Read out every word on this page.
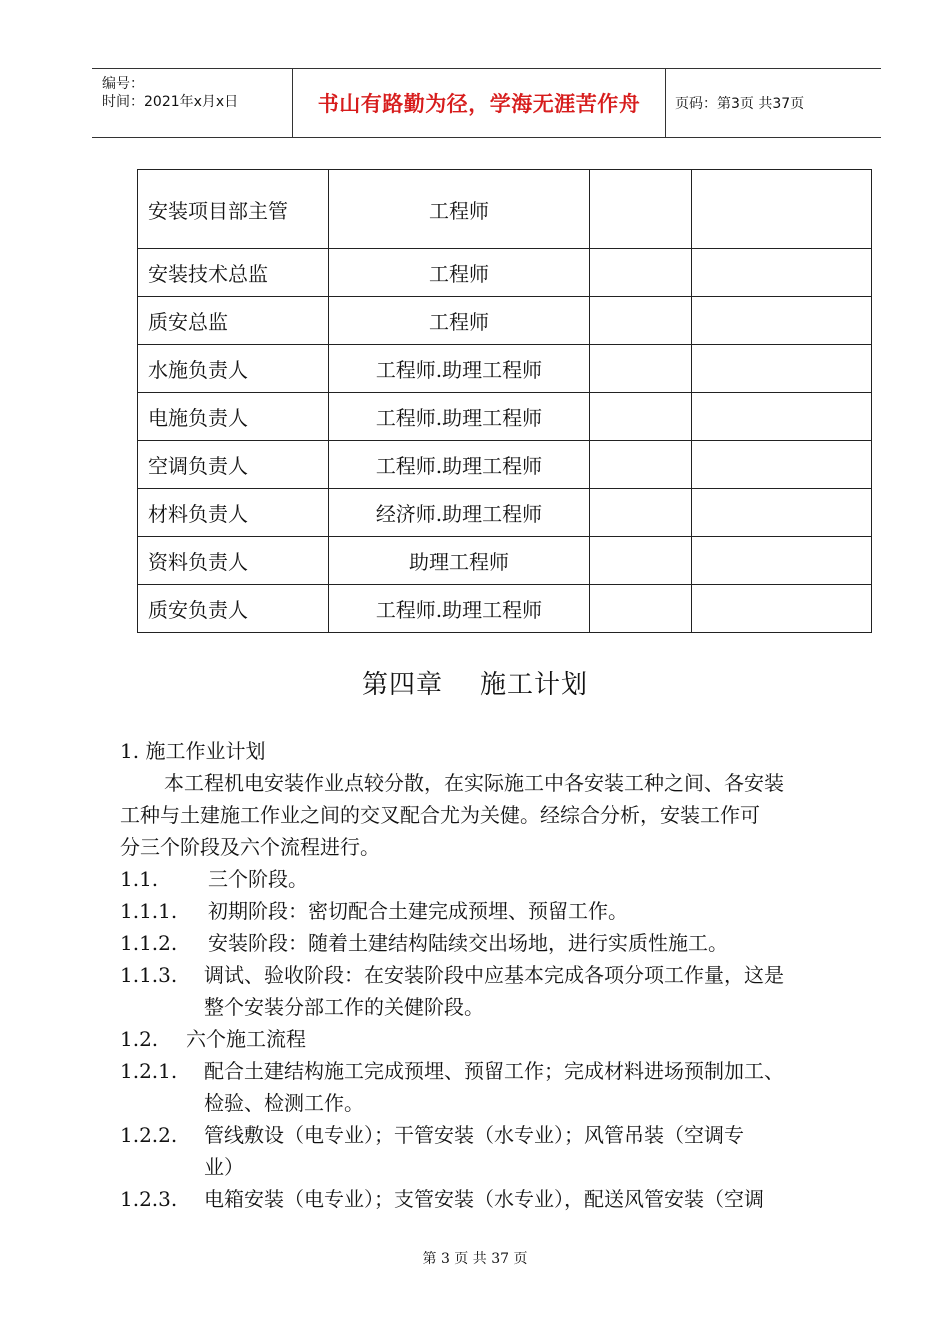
编号：
时间：2021年x月x日	书山有路勤为径，学海无涯苦作舟	页码：第3页 共37页
安装项目部主管	工程师		
安装技术总监	工程师		
质安总监	工程师		
水施负责人	工程师.助理工程师		
电施负责人	工程师.助理工程师		
空调负责人	工程师.助理工程师		
材料负责人	经济师.助理工程师		
资料负责人	助理工程师		
质安负责人	工程师.助理工程师		
第四章    施工计划
1. 施工作业计划
本工程机电安装作业点较分散，在实际施工中各安装工种之间、各安装
工种与土建施工作业之间的交叉配合尤为关健。经综合分析，安装工作可
分三个阶段及六个流程进行。
1.1. 三个阶段。
1.1.1. 初期阶段：密切配合土建完成预埋、预留工作。
1.1.2. 安装阶段：随着土建结构陆续交出场地，进行实质性施工。
1.1.3. 调试、验收阶段：在安装阶段中应基本完成各项分项工作量，这是
整个安装分部工作的关健阶段。
1.2. 六个施工流程
1.2.1. 配合土建结构施工完成预埋、预留工作；完成材料进场预制加工、
检验、检测工作。
1.2.2. 管线敷设（电专业）；干管安装（水专业）；风管吊装（空调专
业）
1.2.3. 电箱安装（电专业）；支管安装（水专业），配送风管安装（空调
第 3 页 共 37 页
